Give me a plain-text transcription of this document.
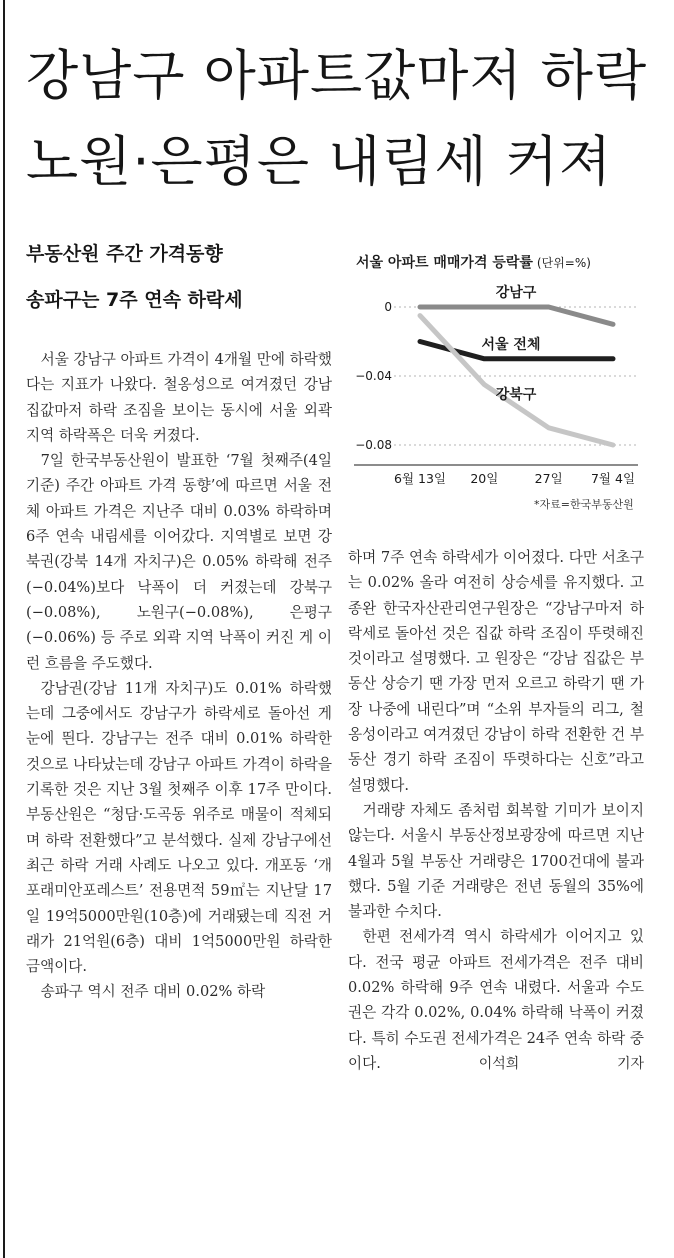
강남구 아파트값마저 하락
노원·은평은 내림세 커져
부동산원 주간 가격동향
송파구는 7주 연속 하락세

서울 강남구 아파트 가격이 4개월 만에 하락했다는 지표가 나왔다. 철옹성으로 여겨졌던 강남 집값마저 하락 조짐을 보이는 동시에 서울 외곽 지역 하락폭은 더욱 커졌다.

7일 한국부동산원이 발표한 ‘7월 첫째주(4일 기준) 주간 아파트 가격 동향’에 따르면 서울 전체 아파트 가격은 지난주 대비 0.03% 하락하며 6주 연속 내림세를 이어갔다. 지역별로 보면 강북권(강북 14개 자치구)은 0.05% 하락해 전주(−0.04%)보다 낙폭이 더 커졌는데 강북구(−0.08%), 노원구(−0.08%), 은평구(−0.06%) 등 주로 외곽 지역 낙폭이 커진 게 이런 흐름을 주도했다.

강남권(강남 11개 자치구)도 0.01% 하락했는데 그중에서도 강남구가 하락세로 돌아선 게 눈에 띈다. 강남구는 전주 대비 0.01% 하락한 것으로 나타났는데 강남구 아파트 가격이 하락을 기록한 것은 지난 3월 첫째주 이후 17주 만이다. 부동산원은 “청담·도곡동 위주로 매물이 적체되며 하락 전환했다”고 분석했다. 실제 강남구에선 최근 하락 거래 사례도 나오고 있다. 개포동 ‘개포래미안포레스트’ 전용면적 59㎡는 지난달 17일 19억5000만원(10층)에 거래됐는데 직전 거래가 21억원(6층) 대비 1억5000만원 하락한 금액이다.

송파구 역시 전주 대비 0.02% 하락

하며 7주 연속 하락세가 이어졌다. 다만 서초구는 0.02% 올라 여전히 상승세를 유지했다. 고종완 한국자산관리연구원장은 “강남구마저 하락세로 돌아선 것은 집값 하락 조짐이 뚜렷해진 것이라고 설명했다. 고 원장은 “강남 집값은 부동산 상승기 땐 가장 먼저 오르고 하락기 땐 가장 나중에 내린다”며 “소위 부자들의 리그, 철옹성이라고 여겨졌던 강남이 하락 전환한 건 부동산 경기 하락 조짐이 뚜렷하다는 신호”라고 설명했다.

거래량 자체도 좀처럼 회복할 기미가 보이지 않는다. 서울시 부동산정보광장에 따르면 지난 4월과 5월 부동산 거래량은 1700건대에 불과했다. 5월 기준 거래량은 전년 동월의 35%에 불과한 수치다.

한편 전세가격 역시 하락세가 이어지고 있다. 전국 평균 아파트 전세가격은 전주 대비 0.02% 하락해 9주 연속 내렸다. 서울과 수도권은 각각 0.02%, 0.04% 하락해 낙폭이 커졌다. 특히 수도권 전세가격은 24주 연속 하락 중이다.	이석희 기자

서울 아파트 매매가격 등락률 (단위=%)
0
−0.04
−0.08
강남구
서울 전체
강북구
6월 13일 20일	27일 7월 4일
*자료=한국부동산원
